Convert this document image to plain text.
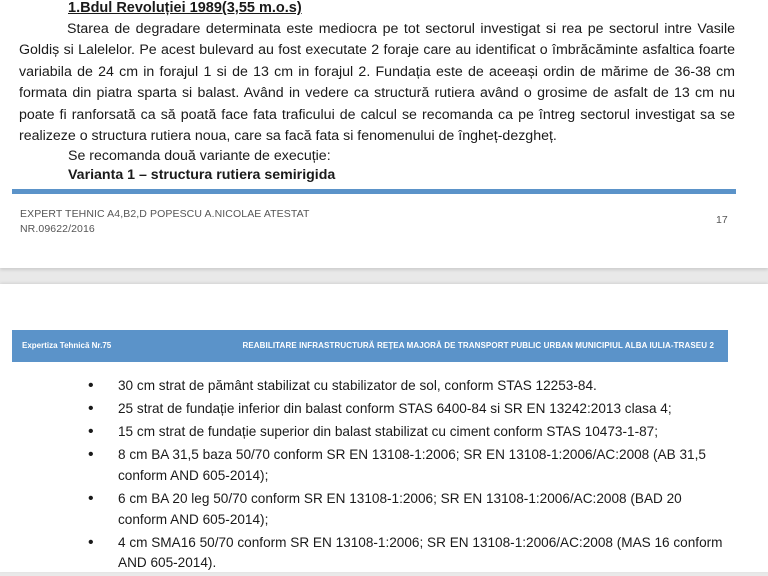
1.Bdul Revoluției 1989(3,55 m.o.s)

Starea de degradare determinata este mediocra pe tot sectorul investigat si rea pe sectorul intre Vasile Goldiș si Lalelelor. Pe acest bulevard au fost executate 2 foraje care au identificat o îmbrăcăminte asfaltica foarte variabila de 24 cm in forajul 1 si de 13 cm in forajul 2. Fundația este de aceeași ordin de mărime de 36-38 cm formata din piatra sparta si balast. Având in vedere ca structură rutiera având o grosime de asfalt de 13 cm nu poate fi ranforsată ca să poată face fata traficului de calcul se recomanda ca pe întreg sectorul investigat sa se realizeze o structura rutiera noua, care sa facă fata si fenomenului de îngheț-dezgheț.

Se recomanda două variante de execuție:
Varianta 1 – structura rutiera semirigida
EXPERT TEHNIC A4,B2,D POPESCU A.NICOLAE ATESTAT
NR.09622/2016
17
Expertiza Tehnică Nr.75	REABILITARE INFRASTRUCTURĂ REȚEA MAJORĂ DE TRANSPORT PUBLIC URBAN MUNICIPIUL ALBA IULIA-TRASEU 2
• 30 cm strat de pământ stabilizat cu stabilizator de sol, conform STAS 12253-84.
• 25 strat de fundație inferior din balast conform STAS 6400-84 si SR EN 13242:2013 clasa 4;
• 15 cm strat de fundație superior din balast stabilizat cu ciment conform STAS 10473-1-87;
• 8 cm BA 31,5 baza 50/70 conform SR EN 13108-1:2006; SR EN 13108-1:2006/AC:2008 (AB 31,5 conform AND 605-2014);
• 6 cm BA 20 leg 50/70 conform SR EN 13108-1:2006; SR EN 13108-1:2006/AC:2008 (BAD 20 conform AND 605-2014);
• 4 cm SMA16 50/70 conform SR EN 13108-1:2006; SR EN 13108-1:2006/AC:2008 (MAS 16 conform AND 605-2014).
